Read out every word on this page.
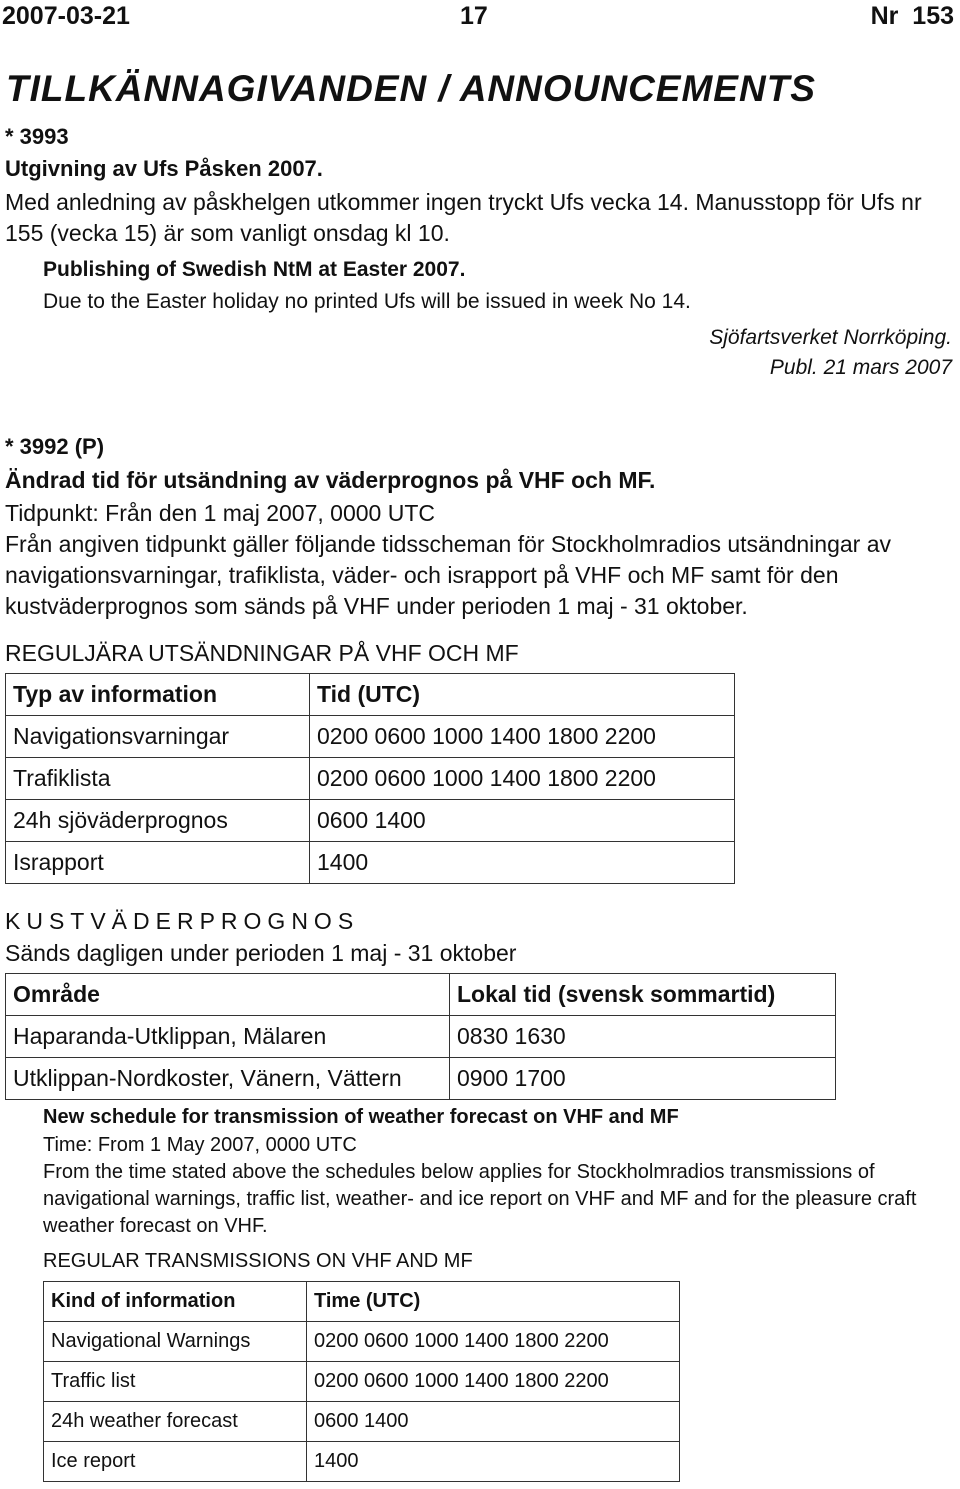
2007-03-21	17	Nr  153
TILLKÄNNAGIVANDEN / ANNOUNCEMENTS
* 3993
Utgivning av Ufs Påsken 2007.

Med anledning av påskhelgen utkommer ingen tryckt Ufs vecka 14. Manusstopp för Ufs nr 155 (vecka 15) är som vanligt onsdag kl 10.

Publishing of Swedish NtM at Easter 2007.
Due to the Easter holiday no printed Ufs will be issued in week No 14.
Sjöfartsverket Norrköping.
Publ. 21 mars 2007
* 3992 (P)
Ändrad tid för utsändning av väderprognos på VHF och MF.
Tidpunkt: Från den 1 maj 2007, 0000 UTC

Från angiven tidpunkt gäller följande tidsscheman för Stockholmradios utsändningar av navigationsvarningar, trafiklista, väder- och israpport på VHF och MF samt för den kustväderprognos som sänds på VHF under perioden 1 maj - 31 oktober.

REGULJÄRA UTSÄNDNINGAR PÅ VHF OCH MF
Typ av information	Tid (UTC)
Navigationsvarningar	0200 0600 1000 1400 1800 2200
Trafiklista	0200 0600 1000 1400 1800 2200
24h sjöväderprognos	0600 1400
Israpport	1400
KUSTVÄDERPROGNOS
Sänds dagligen under perioden 1 maj - 31 oktober
Område	Lokal tid (svensk sommartid)
Haparanda-Utklippan, Mälaren	0830 1630
Utklippan-Nordkoster, Vänern, Vättern	0900 1700
New schedule for transmission of weather forecast on VHF and MF
Time: From 1 May 2007, 0000 UTC

From the time stated above the schedules below applies for Stockholmradios transmissions of navigational warnings, traffic list, weather- and ice report on VHF and MF and for the pleasure craft weather forecast on VHF.

REGULAR TRANSMISSIONS ON VHF AND MF
Kind of information	Time (UTC)
Navigational Warnings	0200 0600 1000 1400 1800 2200
Traffic list	0200 0600 1000 1400 1800 2200
24h weather forecast	0600 1400
Ice report	1400
